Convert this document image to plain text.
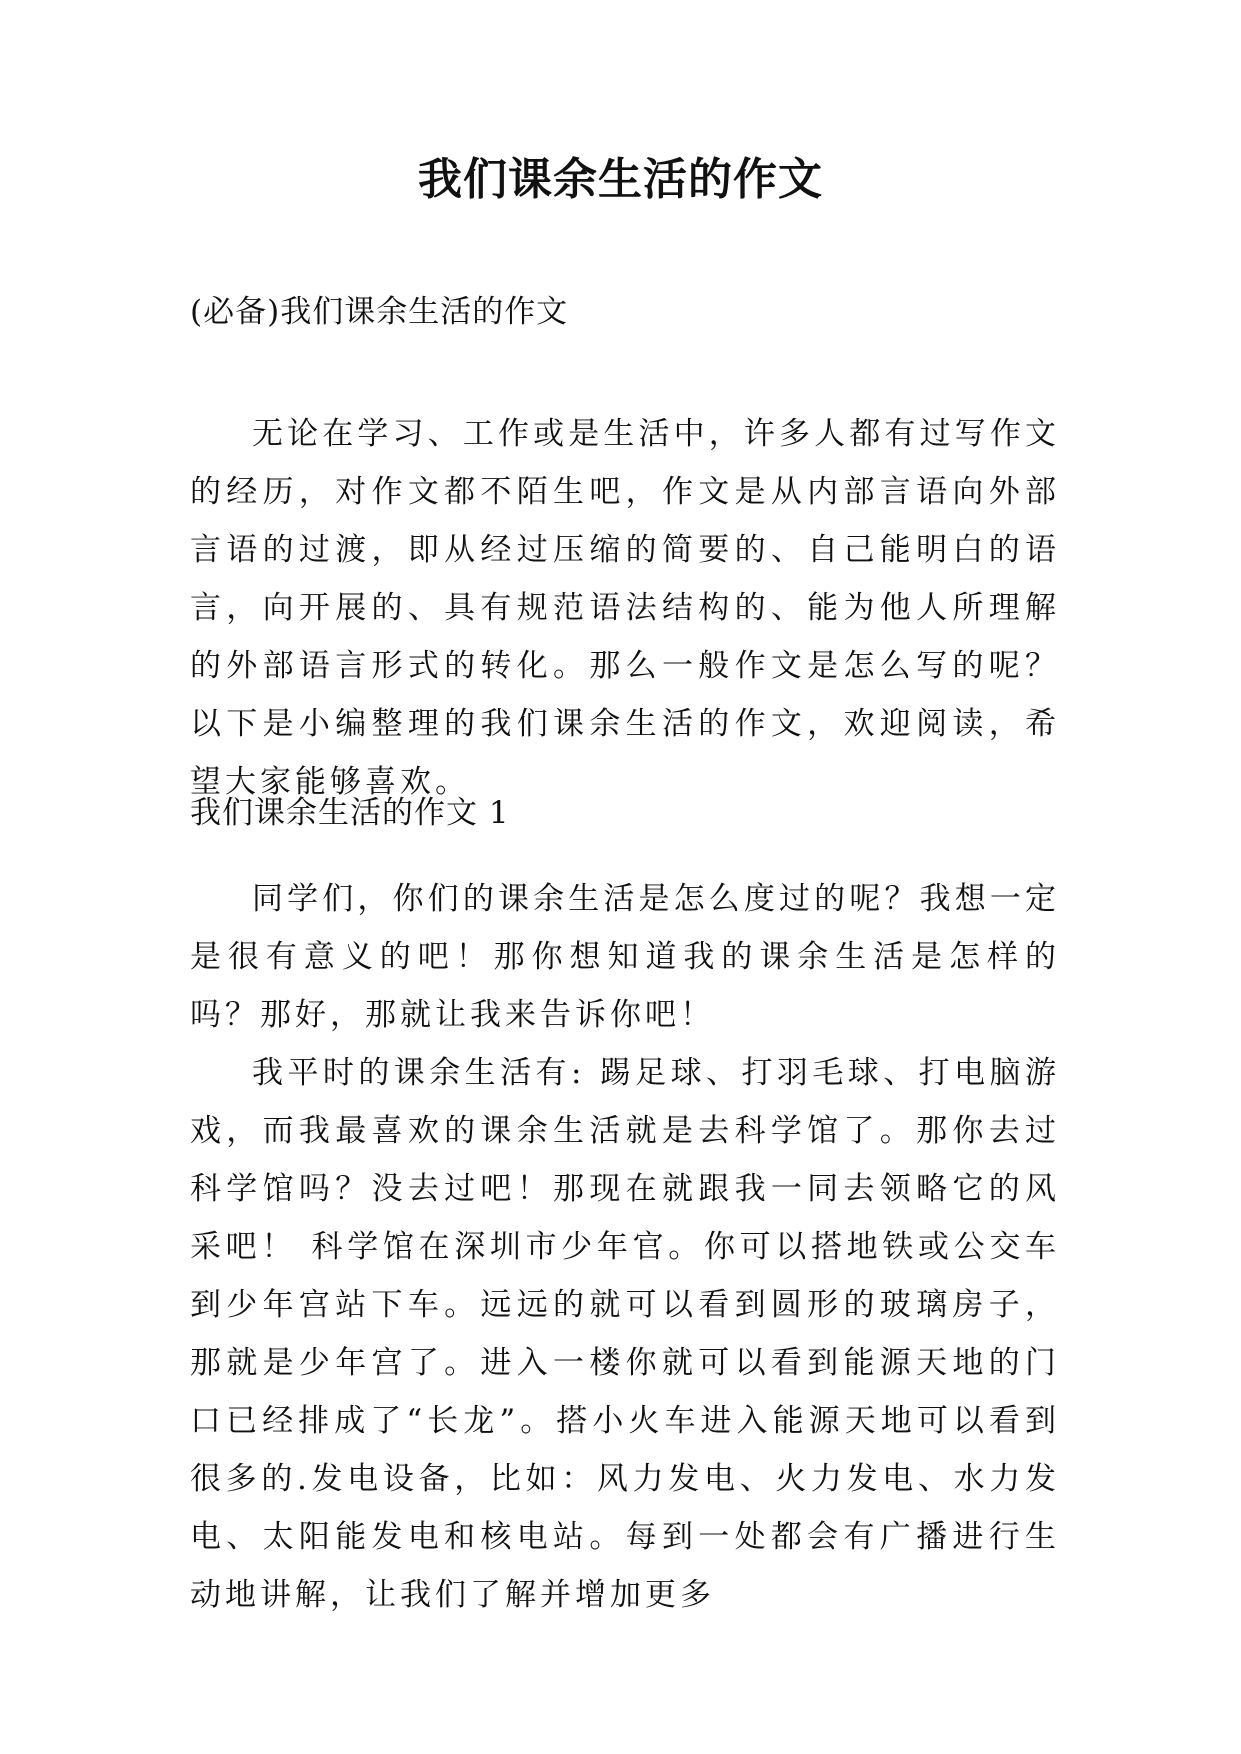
我们课余生活的作文

(必备)我们课余生活的作文

无论在学习、工作或是生活中，许多人都有过写作文的经历，对作文都不陌生吧，作文是从内部言语向外部言语的过渡，即从经过压缩的简要的、自己能明白的语言，向开展的、具有规范语法结构的、能为他人所理解的外部语言形式的转化。那么一般作文是怎么写的呢？以下是小编整理的我们课余生活的作文，欢迎阅读，希望大家能够喜欢。

我们课余生活的作文 1

同学们，你们的课余生活是怎么度过的呢？我想一定是很有意义的吧！那你想知道我的课余生活是怎样的吗？那好，那就让我来告诉你吧！

我平时的课余生活有: 踢足球、打羽毛球、打电脑游戏，而我最喜欢的课余生活就是去科学馆了。那你去过科学馆吗？没去过吧！那现在就跟我一同去领略它的风采吧！ 科学馆在深圳市少年官。你可以搭地铁或公交车到少年宫站下车。远远的就可以看到圆形的玻璃房子，那就是少年宫了。进入一楼你就可以看到能源天地的门口已经排成了“长龙”。搭小火车进入能源天地可以看到很多的.发电设备，比如：风力发电、火力发电、水力发电、太阳能发电和核电站。每到一处都会有广播进行生动地讲解，让我们了解并增加更多
